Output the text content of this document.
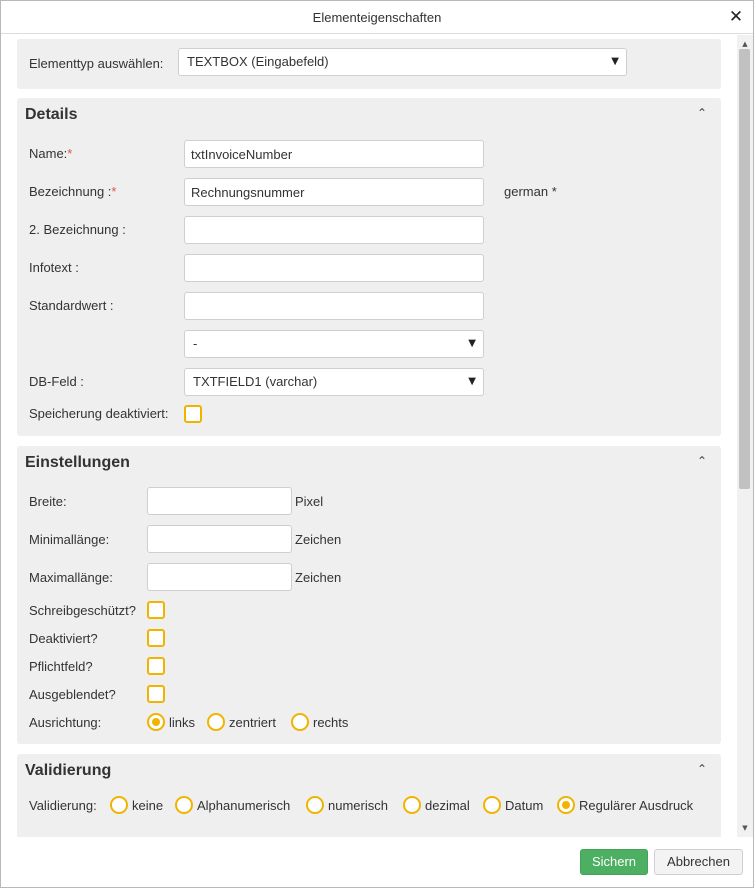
Elementeigenschaften	✕
Elementtyp auswählen:	TEXTBOX (Eingabefeld)	▼
Details	⌃
Name:*
txtInvoiceNumber
Bezeichnung :*
Rechnungsnummer	german *
2. Bezeichnung :
Infotext :
Standardwert :
-	▼
DB-Feld :	TXTFIELD1 (varchar)	▼
Speicherung deaktiviert:
Einstellungen	⌃
Breite:	Pixel
Minimallänge:	Zeichen
Maximallänge:	Zeichen
Schreibgeschützt?
Deaktiviert?
Pflichtfeld?
Ausgeblendet?
Ausrichtung:	links	zentriert	rechts
Validierung	⌃
Validierung:	keine	Alphanumerisch	numerisch	dezimal	Datum	Regulärer Ausdruck
▲
▼
Sichern	Abbrechen
